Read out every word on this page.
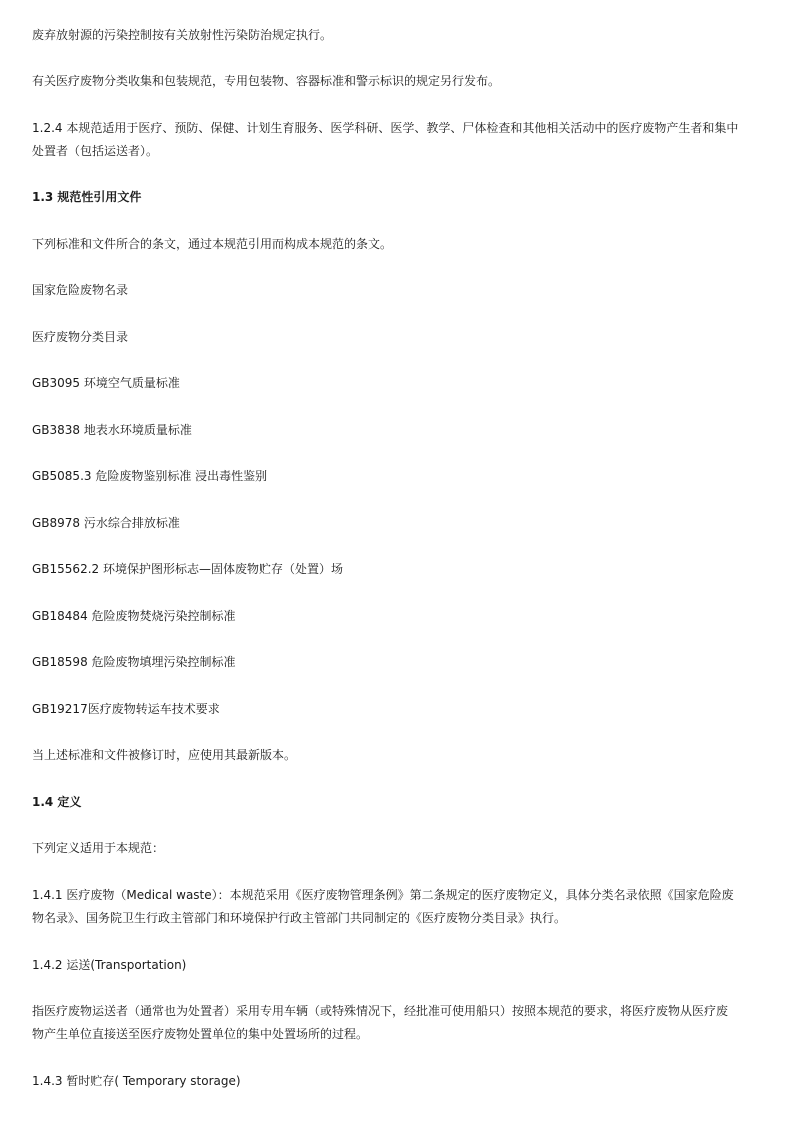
废弃放射源的污染控制按有关放射性污染防治规定执行。
有关医疗废物分类收集和包装规范，专用包装物、容器标准和警示标识的规定另行发布。
1.2.4 本规范适用于医疗、预防、保健、计划生育服务、医学科研、医学、教学、尸体检查和其他相关活动中的医疗废物产生者和集中
处置者（包括运送者）。
1.3 规范性引用文件
下列标准和文件所合的条文，通过本规范引用而构成本规范的条文。
国家危险废物名录
医疗废物分类目录
GB3095 环境空气质量标准
GB3838 地表水环境质量标准
GB5085.3 危险废物鉴别标准 浸出毒性鉴别
GB8978 污水综合排放标准
GB15562.2 环境保护图形标志—固体废物贮存（处置）场
GB18484 危险废物焚烧污染控制标准
GB18598 危险废物填埋污染控制标准
GB19217医疗废物转运车技术要求
当上述标准和文件被修订时，应使用其最新版本。
1.4 定义
下列定义适用于本规范：
1.4.1 医疗废物（Medical waste）：本规范采用《医疗废物管理条例》第二条规定的医疗废物定义，具体分类名录依照《国家危险废
物名录》、国务院卫生行政主管部门和环境保护行政主管部门共同制定的《医疗废物分类目录》执行。
1.4.2 运送(Transportation)
指医疗废物运送者（通常也为处置者）采用专用车辆（或特殊情况下，经批准可使用船只）按照本规范的要求，将医疗废物从医疗废
物产生单位直接送至医疗废物处置单位的集中处置场所的过程。
1.4.3 暂时贮存( Temporary storage)
